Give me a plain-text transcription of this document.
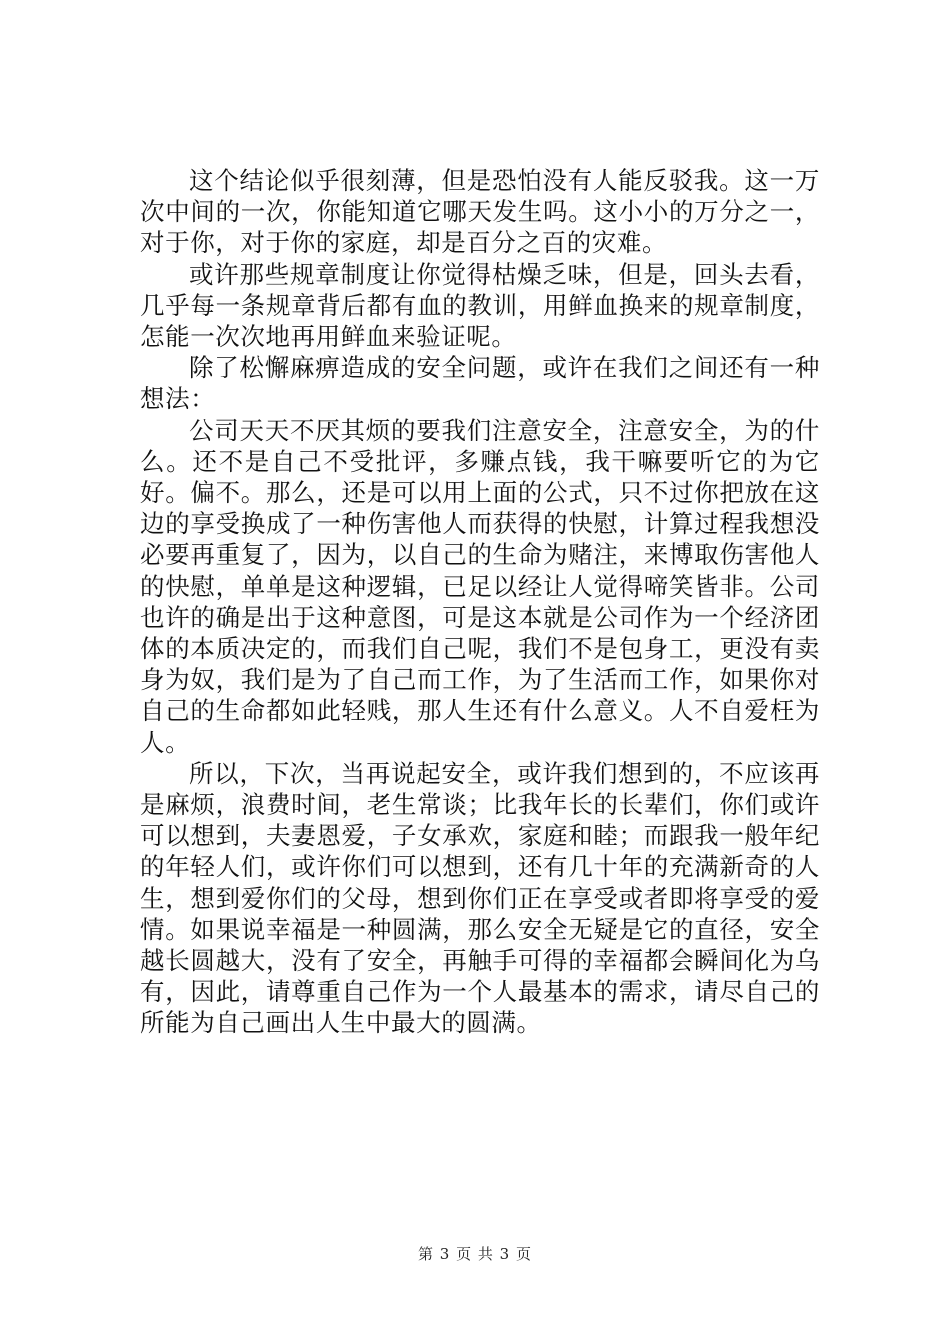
这个结论似乎很刻薄，但是恐怕没有人能反驳我。这一万次中间的一次，你能知道它哪天发生吗。这小小的万分之一，对于你，对于你的家庭，却是百分之百的灾难。

或许那些规章制度让你觉得枯燥乏味，但是，回头去看，几乎每一条规章背后都有血的教训，用鲜血换来的规章制度，怎能一次次地再用鲜血来验证呢。

除了松懈麻痹造成的安全问题，或许在我们之间还有一种想法：

公司天天不厌其烦的要我们注意安全，注意安全，为的什么。还不是自己不受批评，多赚点钱，我干嘛要听它的为它好。偏不。那么，还是可以用上面的公式，只不过你把放在这边的享受换成了一种伤害他人而获得的快慰，计算过程我想没必要再重复了，因为，以自己的生命为赌注，来博取伤害他人的快慰，单单是这种逻辑，已足以经让人觉得啼笑皆非。公司也许的确是出于这种意图，可是这本就是公司作为一个经济团体的本质决定的，而我们自己呢，我们不是包身工，更没有卖身为奴，我们是为了自己而工作，为了生活而工作，如果你对自己的生命都如此轻贱，那人生还有什么意义。人不自爱枉为人。

所以，下次，当再说起安全，或许我们想到的，不应该再是麻烦，浪费时间，老生常谈；比我年长的长辈们，你们或许可以想到，夫妻恩爱，子女承欢，家庭和睦；而跟我一般年纪的年轻人们，或许你们可以想到，还有几十年的充满新奇的人生，想到爱你们的父母，想到你们正在享受或者即将享受的爱情。如果说幸福是一种圆满，那么安全无疑是它的直径，安全越长圆越大，没有了安全，再触手可得的幸福都会瞬间化为乌有，因此，请尊重自己作为一个人最基本的需求，请尽自己的所能为自己画出人生中最大的圆满。

第 3 页 共 3 页
